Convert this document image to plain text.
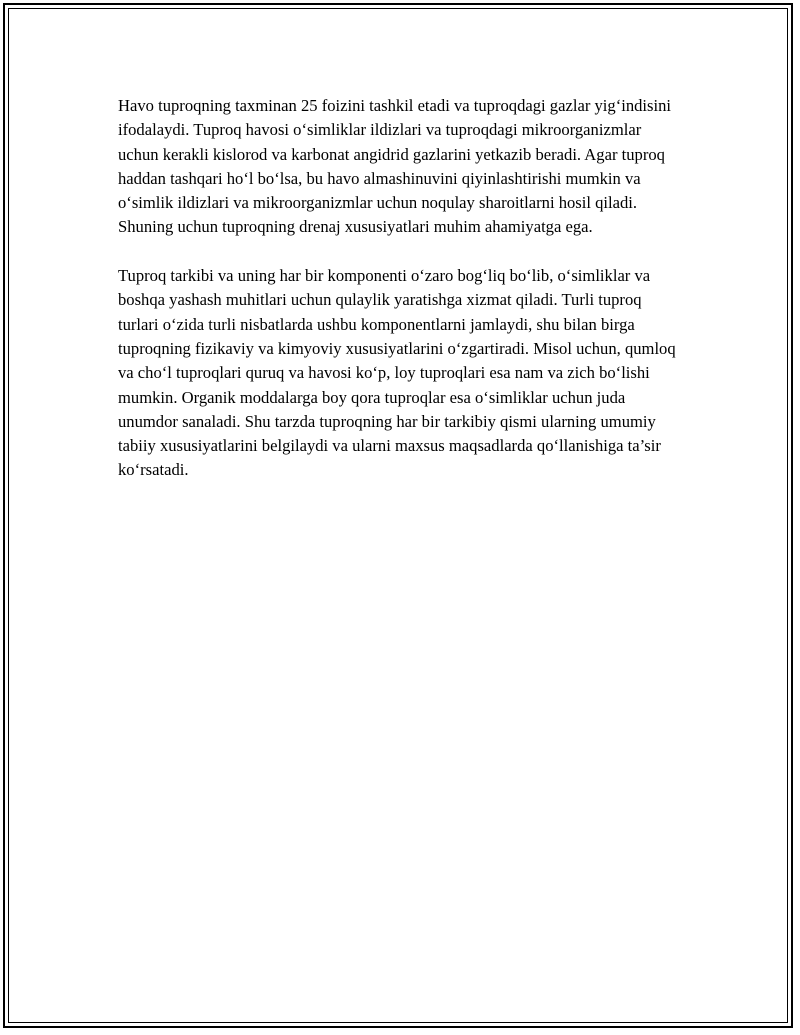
Havo tuproqning taxminan 25 foizini tashkil etadi va tuproqdagi gazlar yig‘indisini ifodalaydi. Tuproq havosi o‘simliklar ildizlari va tuproqdagi mikroorganizmlar uchun kerakli kislorod va karbonat angidrid gazlarini yetkazib beradi. Agar tuproq haddan tashqari ho‘l bo‘lsa, bu havo almashinuvini qiyinlashtirishi mumkin va o‘simlik ildizlari va mikroorganizmlar uchun noqulay sharoitlarni hosil qiladi. Shuning uchun tuproqning drenaj xususiyatlari muhim ahamiyatga ega.

Tuproq tarkibi va uning har bir komponenti o‘zaro bog‘liq bo‘lib, o‘simliklar va boshqa yashash muhitlari uchun qulaylik yaratishga xizmat qiladi. Turli tuproq turlari o‘zida turli nisbatlarda ushbu komponentlarni jamlaydi, shu bilan birga tuproqning fizikaviy va kimyoviy xususiyatlarini o‘zgartiradi. Misol uchun, qumloq va cho‘l tuproqlari quruq va havosi ko‘p, loy tuproqlari esa nam va zich bo‘lishi mumkin. Organik moddalarga boy qora tuproqlar esa o‘simliklar uchun juda unumdor sanaladi. Shu tarzda tuproqning har bir tarkibiy qismi ularning umumiy tabiiy xususiyatlarini belgilaydi va ularni maxsus maqsadlarda qo‘llanishiga ta’sir ko‘rsatadi.
